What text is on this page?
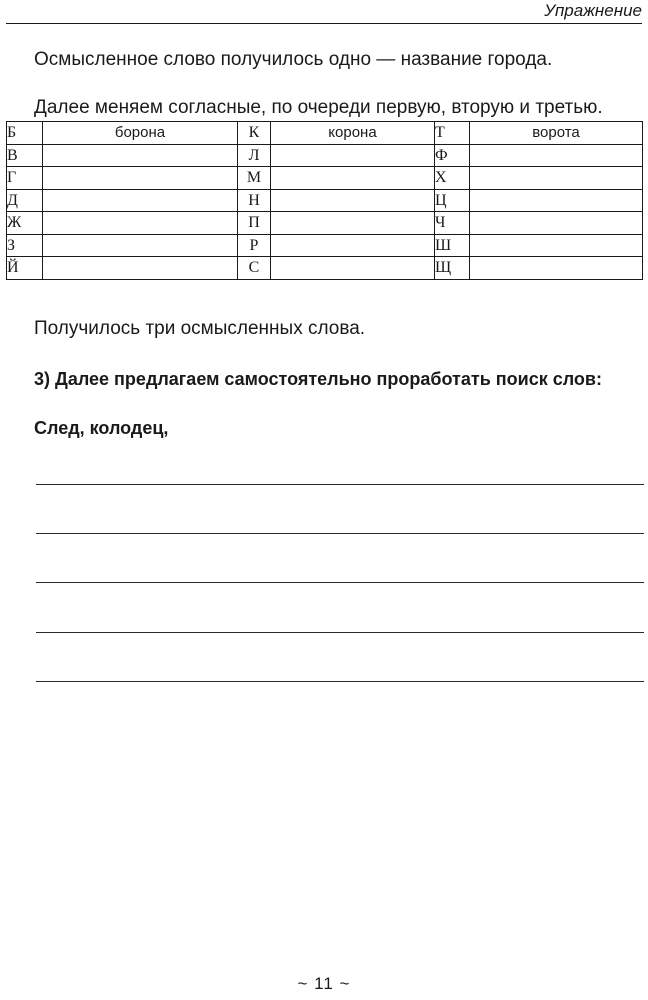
Упражнение
Осмысленное слово получилось одно — название города.
Далее меняем согласные, по очереди первую, вторую и третью.
Б	борона	К	корона	Т	ворота
В		Л		Ф	
Г		М		Х	
Д		Н		Ц	
Ж		П		Ч	
З		Р		Ш	
Й		С		Щ	
Получилось три осмысленных слова.
3) Далее предлагаем самостоятельно проработать поиск слов:
След, колодец,
~ 11 ~
